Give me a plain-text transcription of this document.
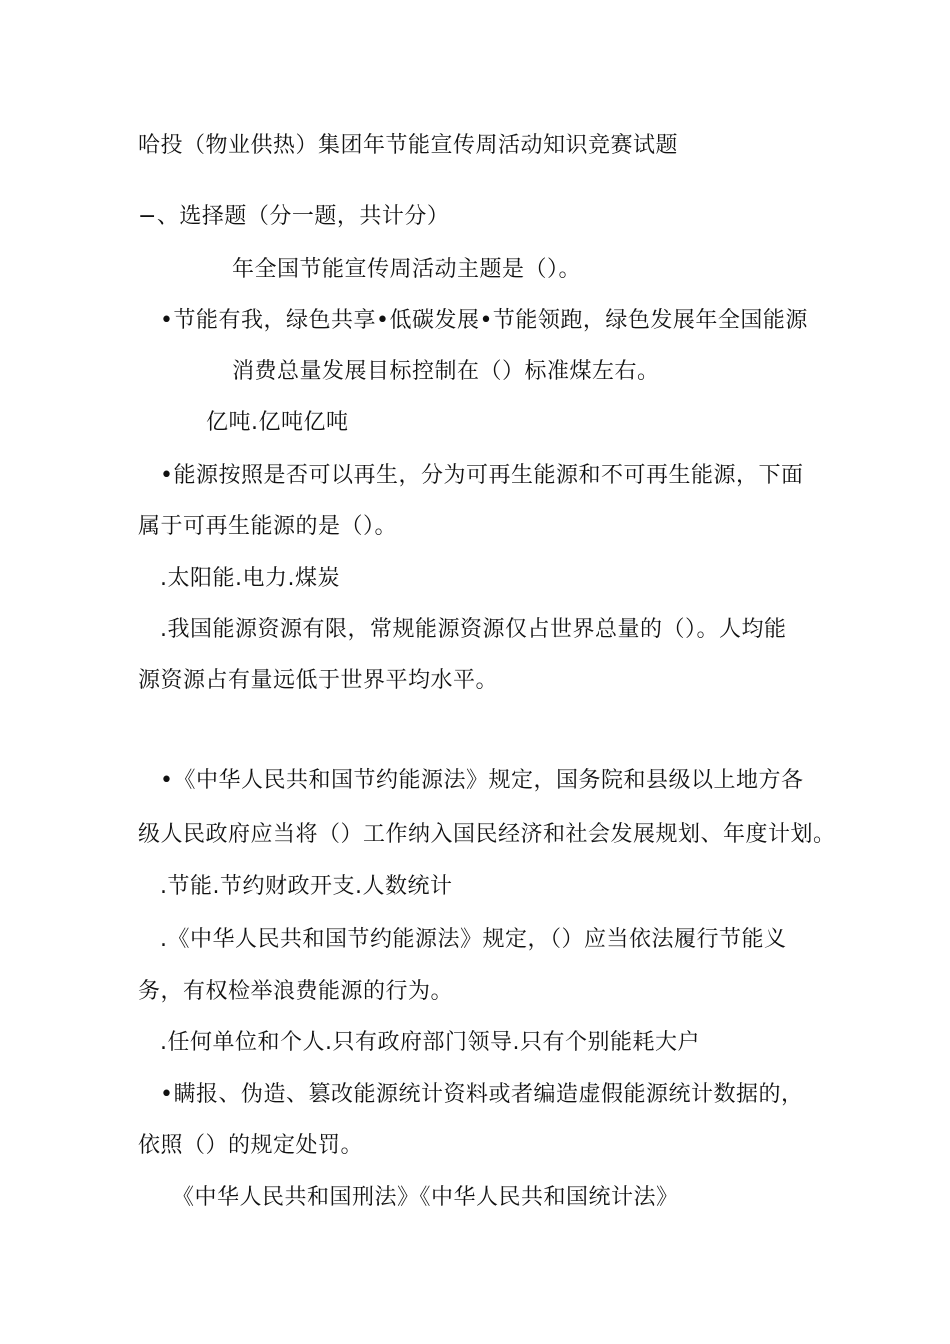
哈投（物业供热）集团年节能宣传周活动知识竞赛试题
−、选择题（分一题，共计分）
年全国节能宣传周活动主题是（）。
•节能有我，绿色共享•低碳发展•节能领跑，绿色发展年全国能源
消费总量发展目标控制在（）标准煤左右。
亿吨.亿吨亿吨
•能源按照是否可以再生，分为可再生能源和不可再生能源，下面
属于可再生能源的是（）。
.太阳能.电力.煤炭
.我国能源资源有限，常规能源资源仅占世界总量的（）。人均能
源资源占有量远低于世界平均水平。
•《中华人民共和国节约能源法》规定，国务院和县级以上地方各
级人民政府应当将（）工作纳入国民经济和社会发展规划、年度计划。
.节能.节约财政开支.人数统计
.《中华人民共和国节约能源法》规定，（）应当依法履行节能义
务，有权检举浪费能源的行为。
.任何单位和个人.只有政府部门领导.只有个别能耗大户
•瞒报、伪造、篡改能源统计资料或者编造虚假能源统计数据的，
依照（）的规定处罚。
《中华人民共和国刑法》《中华人民共和国统计法》
